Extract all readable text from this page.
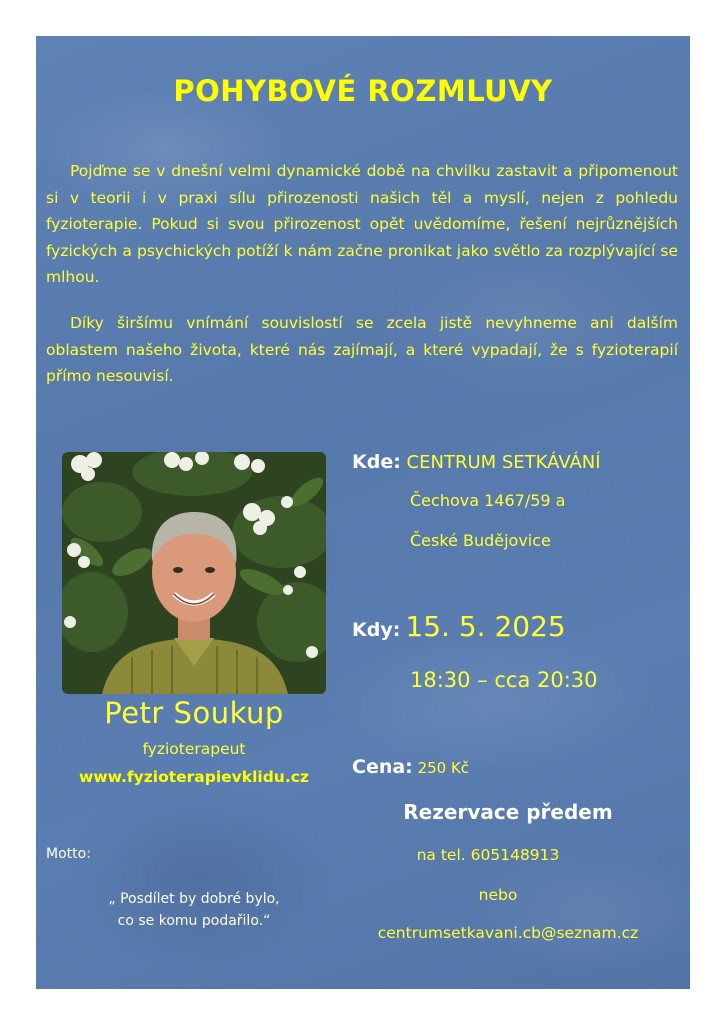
POHYBOVÉ ROZMLUVY

Pojďme se v dnešní velmi dynamické době na chvilku zastavit a připomenout si v teorii i v praxi sílu přirozenosti našich těl a myslí, nejen z pohledu fyzioterapie. Pokud si svou přirozenost opět uvědomíme, řešení nejrůznějších fyzických a psychických potíží k nám začne pronikat jako světlo za rozplývající se mlhou.

Díky širšímu vnímání souvislostí se zcela jistě nevyhneme ani dalším oblastem našeho života, které nás zajímají, a které vypadají, že s fyzioterapií přímo nesouvisí.

Petr Soukup
fyzioterapeut
www.fyzioterapievklidu.cz
Motto:
„ Posdílet by dobré bylo,
co se komu podařilo.“
Kde: CENTRUM SETKÁVÁNÍ
Čechova 1467/59 a
České Budějovice
Kdy: 15. 5. 2025
18:30 – cca 20:30
Cena: 250 Kč
Rezervace předem
na tel. 605148913
nebo
centrumsetkavani.cb@seznam.cz
